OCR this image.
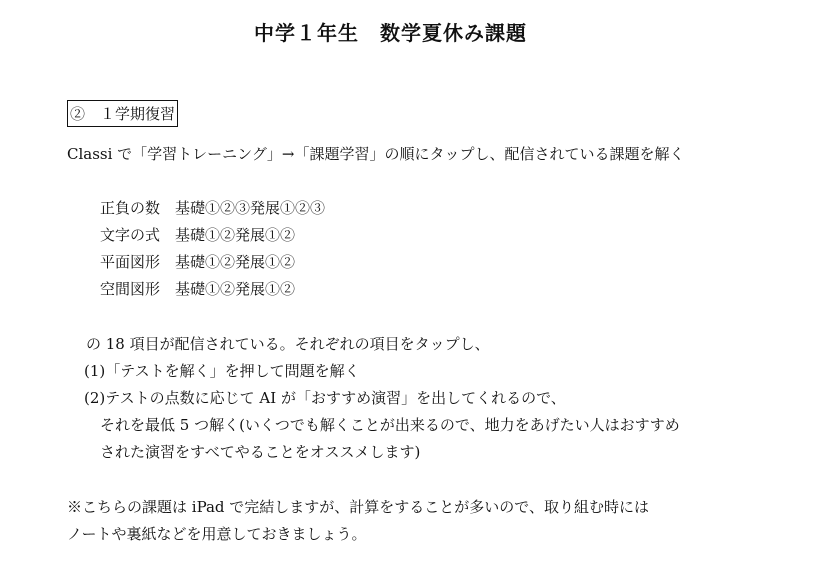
中学１年生　数学夏休み課題
②　１学期復習
Classi で「学習トレーニング」→「課題学習」の順にタップし、配信されている課題を解く
正負の数　基礎①②③発展①②③
文字の式　基礎①②発展①②
平面図形　基礎①②発展①②
空間図形　基礎①②発展①②
の 18 項目が配信されている。それぞれの項目をタップし、
(1)「テストを解く」を押して問題を解く
(2)テストの点数に応じて AI が「おすすめ演習」を出してくれるので、
それを最低 5 つ解く(いくつでも解くことが出来るので、地力をあげたい人はおすすめ
された演習をすべてやることをオススメします)
※こちらの課題は iPad で完結しますが、計算をすることが多いので、取り組む時には
ノートや裏紙などを用意しておきましょう。
